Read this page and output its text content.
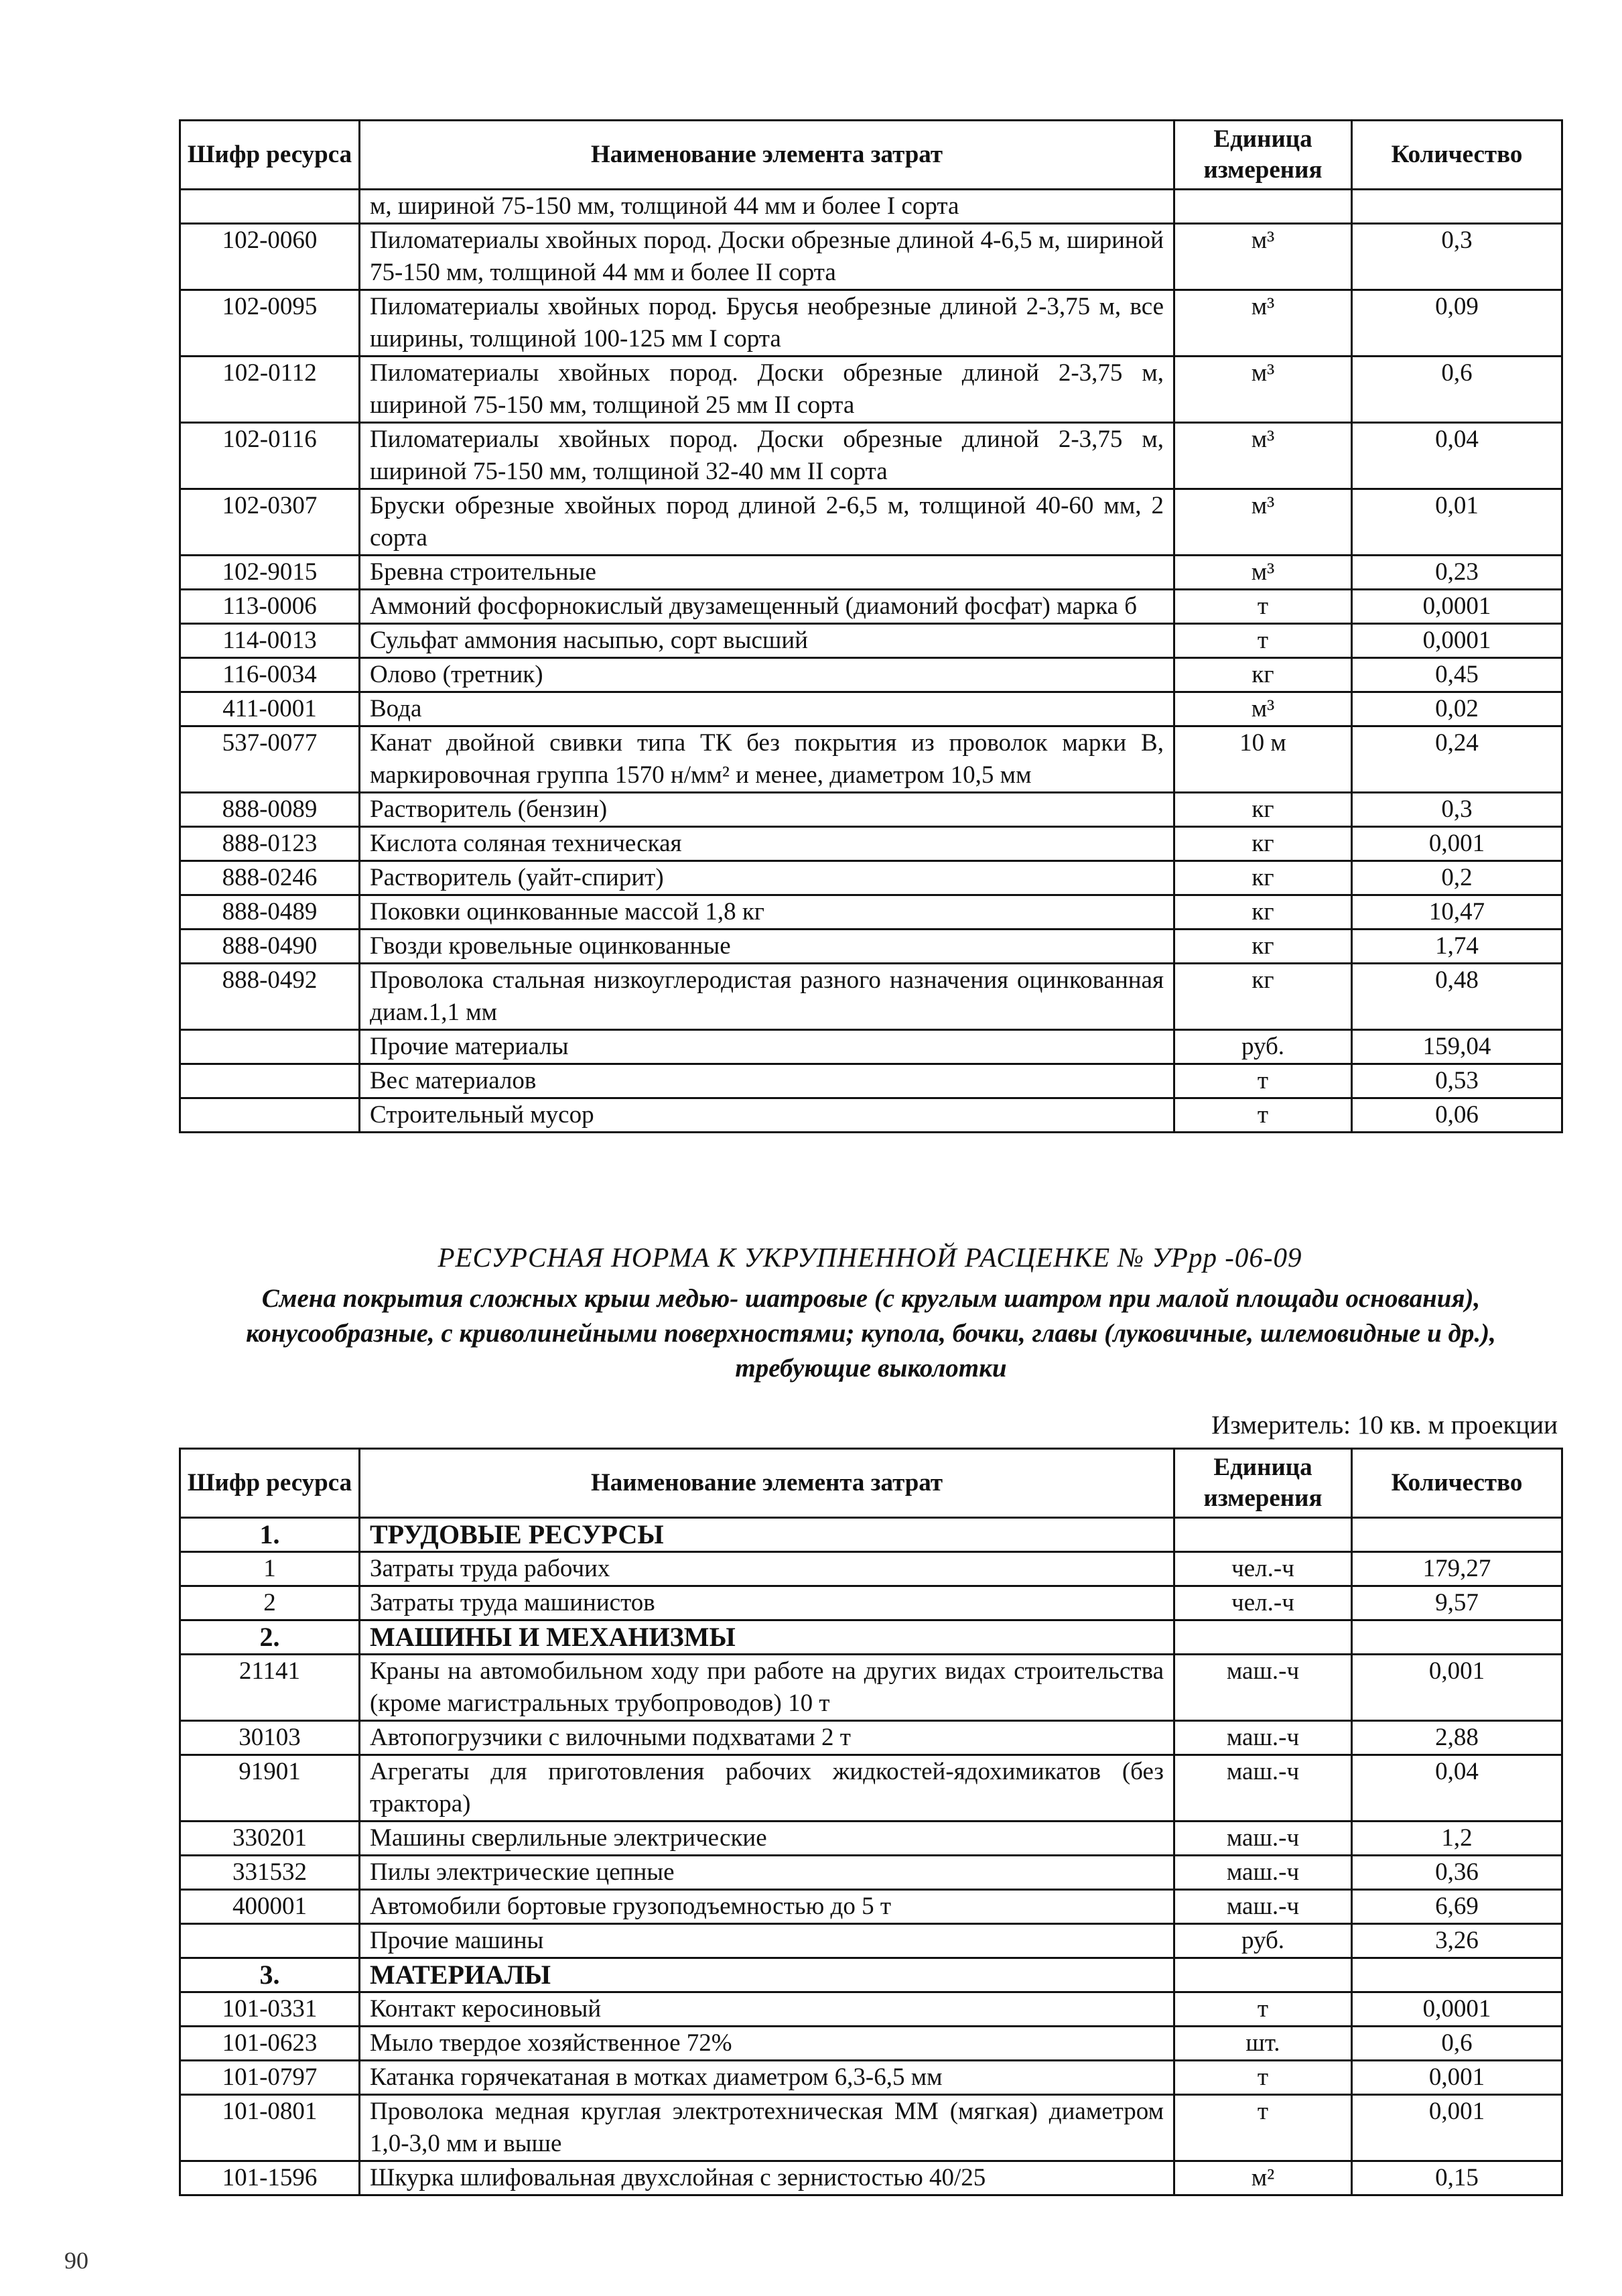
Шифр ресурса	Наименование элемента затрат	Единица измерения	Количество
	м, шириной 75-150 мм, толщиной 44 мм и более I сорта		
102-0060	Пиломатериалы хвойных пород. Доски обрезные длиной 4-6,5 м, шириной 75-150 мм, толщиной 44 мм и более II сорта	м³	0,3
102-0095	Пиломатериалы хвойных пород. Брусья необрезные длиной 2-3,75 м, все ширины, толщиной 100-125 мм I сорта	м³	0,09
102-0112	Пиломатериалы хвойных пород. Доски обрезные длиной 2-3,75 м, шириной 75-150 мм, толщиной 25 мм II сорта	м³	0,6
102-0116	Пиломатериалы хвойных пород. Доски обрезные длиной 2-3,75 м, шириной 75-150 мм, толщиной 32-40 мм II сорта	м³	0,04
102-0307	Бруски обрезные хвойных пород длиной 2-6,5 м, толщиной 40-60 мм, 2 сорта	м³	0,01
102-9015	Бревна строительные	м³	0,23
113-0006	Аммоний фосфорнокислый двузамещенный (диамоний фосфат) марка б	т	0,0001
114-0013	Сульфат аммония насыпью, сорт высший	т	0,0001
116-0034	Олово (третник)	кг	0,45
411-0001	Вода	м³	0,02
537-0077	Канат двойной свивки типа ТК без покрытия из проволок марки В, маркировочная группа 1570 н/мм² и менее, диаметром 10,5 мм	10 м	0,24
888-0089	Растворитель (бензин)	кг	0,3
888-0123	Кислота соляная техническая	кг	0,001
888-0246	Растворитель (уайт-спирит)	кг	0,2
888-0489	Поковки оцинкованные массой 1,8 кг	кг	10,47
888-0490	Гвозди кровельные оцинкованные	кг	1,74
888-0492	Проволока стальная низкоуглеродистая разного назначения оцинкованная диам.1,1 мм	кг	0,48
	Прочие материалы	руб.	159,04
	Вес материалов	т	0,53
	Строительный мусор	т	0,06
РЕСУРСНАЯ НОРМА К УКРУПНЕННОЙ РАСЦЕНКЕ № УРрр -06-09
Смена покрытия сложных крыш медью- шатровые (с круглым шатром при малой площади основания), конусообразные, с криволинейными поверхностями; купола, бочки, главы (луковичные, шлемовидные и др.), требующие выколотки
Измеритель: 10 кв. м проекции
Шифр ресурса	Наименование элемента затрат	Единица измерения	Количество
1.	ТРУДОВЫЕ РЕСУРСЫ		
1	Затраты труда рабочих	чел.-ч	179,27
2	Затраты труда машинистов	чел.-ч	9,57
2.	МАШИНЫ И МЕХАНИЗМЫ		
21141	Краны на автомобильном ходу при работе на других видах строительства (кроме магистральных трубопроводов) 10 т	маш.-ч	0,001
30103	Автопогрузчики с вилочными подхватами 2 т	маш.-ч	2,88
91901	Агрегаты для приготовления рабочих жидкостей-ядохимикатов (без трактора)	маш.-ч	0,04
330201	Машины сверлильные электрические	маш.-ч	1,2
331532	Пилы электрические цепные	маш.-ч	0,36
400001	Автомобили бортовые грузоподъемностью до 5 т	маш.-ч	6,69
	Прочие машины	руб.	3,26
3.	МАТЕРИАЛЫ		
101-0331	Контакт керосиновый	т	0,0001
101-0623	Мыло твердое хозяйственное 72%	шт.	0,6
101-0797	Катанка горячекатаная в мотках диаметром 6,3-6,5 мм	т	0,001
101-0801	Проволока медная круглая электротехническая ММ (мягкая) диаметром 1,0-3,0 мм и выше	т	0,001
101-1596	Шкурка шлифовальная двухслойная с зернистостью 40/25	м²	0,15
90
